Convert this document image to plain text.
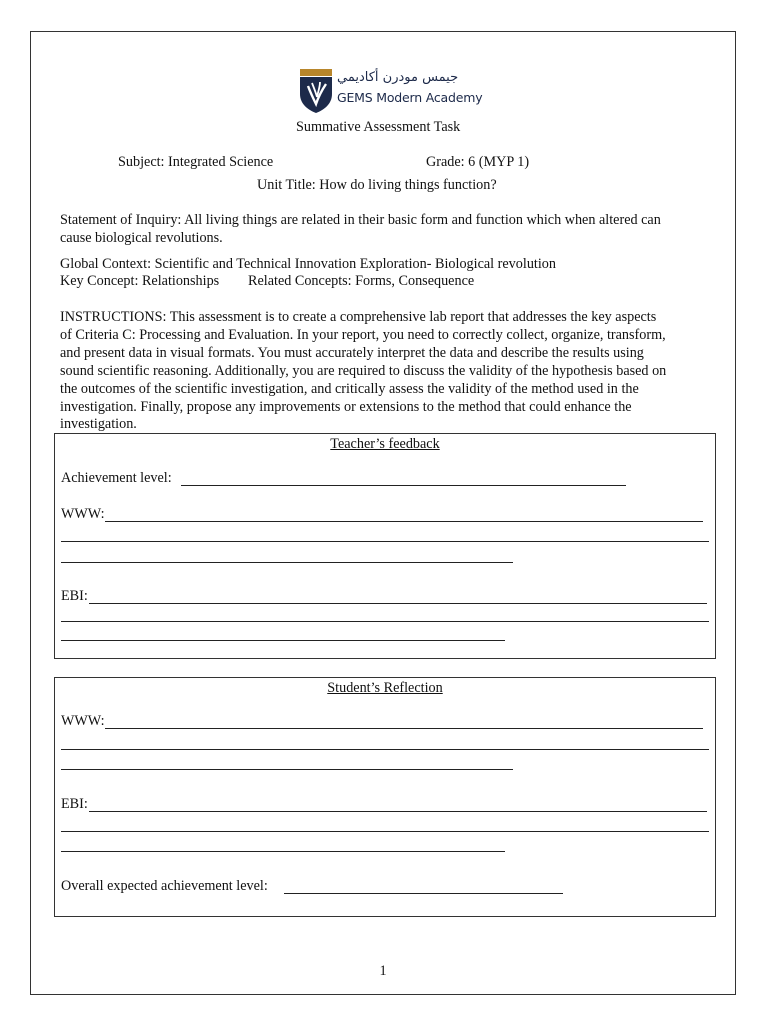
جيمس مودرن أكاديمي
GEMS Modern Academy
Summative Assessment Task
Subject: Integrated Science	Grade: 6 (MYP 1)
Unit Title: How do living things function?
Statement of Inquiry: All living things are related in their basic form and function which when altered can
cause biological revolutions.
Global Context: Scientific and Technical Innovation Exploration- Biological revolution
Key Concept: Relationships Related Concepts: Forms, Consequence
INSTRUCTIONS: This assessment is to create a comprehensive lab report that addresses the key aspects
of Criteria C: Processing and Evaluation. In your report, you need to correctly collect, organize, transform,
and present data in visual formats. You must accurately interpret the data and describe the results using
sound scientific reasoning. Additionally, you are required to discuss the validity of the hypothesis based on
the outcomes of the scientific investigation, and critically assess the validity of the method used in the
investigation. Finally, propose any improvements or extensions to the method that could enhance the
investigation.
Teacher’s feedback
Achievement level:
WWW:
EBI:
Student’s Reflection
WWW:
EBI:
Overall expected achievement level:
1
